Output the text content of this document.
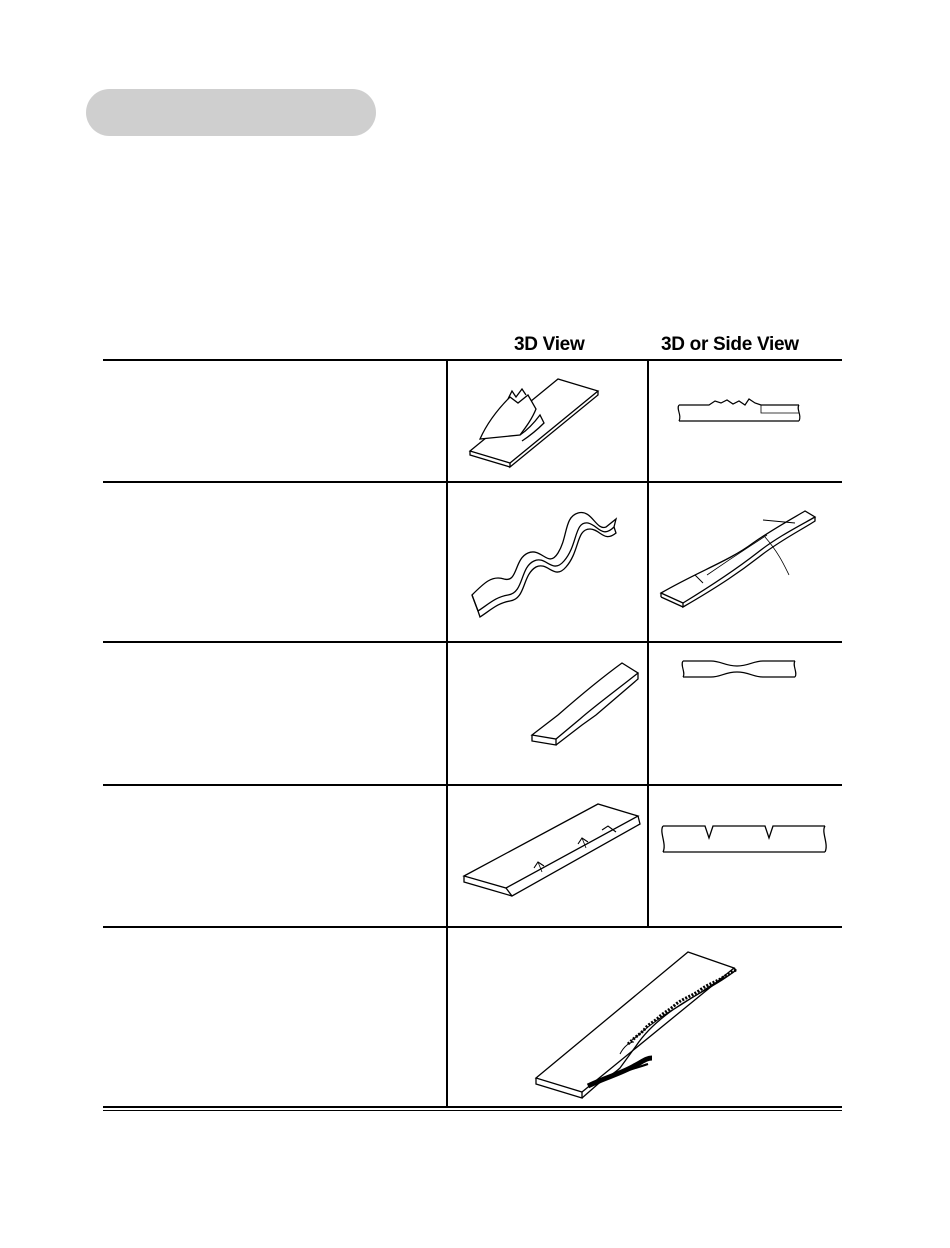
3D View	3D or Side View
